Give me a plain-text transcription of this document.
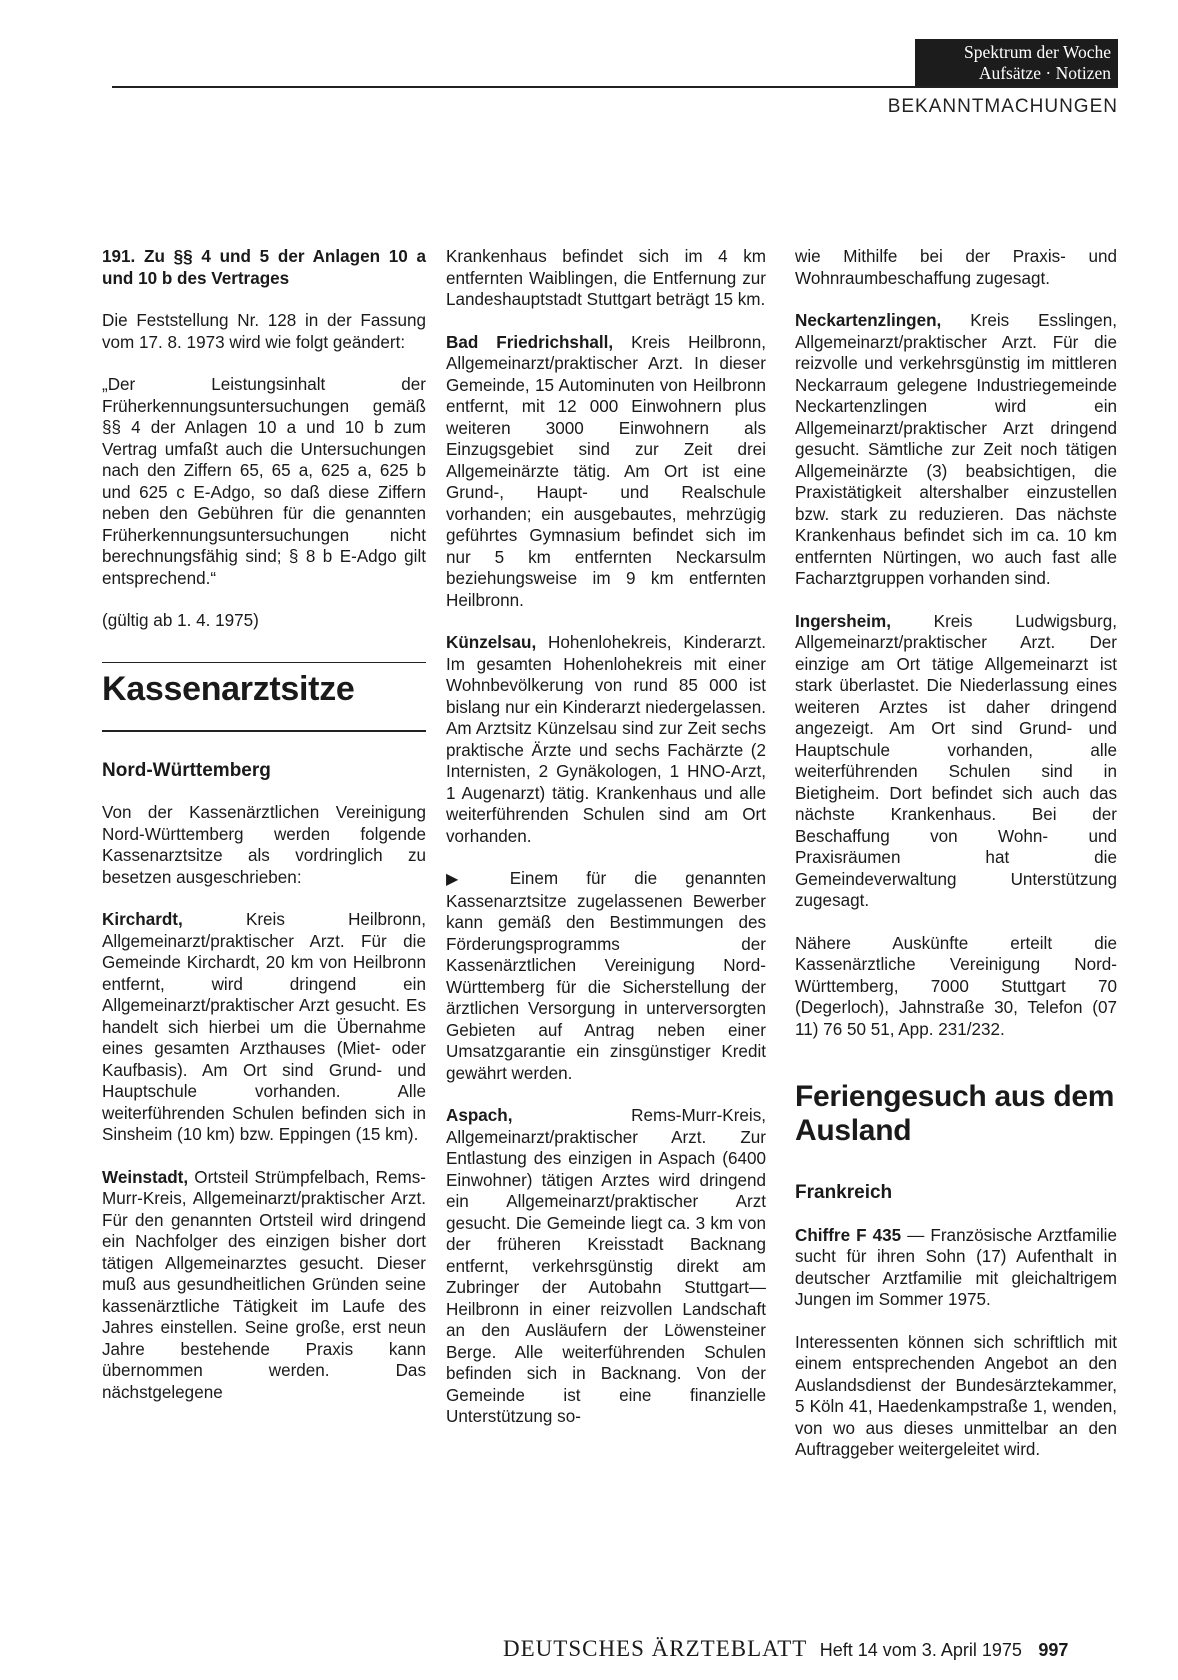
Spektrum der Woche
Aufsätze · Notizen
BEKANNTMACHUNGEN

191. Zu §§ 4 und 5 der Anlagen 10 a und 10 b des Vertrages

Die Feststellung Nr. 128 in der Fassung vom 17. 8. 1973 wird wie folgt geändert:

„Der Leistungsinhalt der Früherkennungsuntersuchungen gemäß §§ 4 der Anlagen 10 a und 10 b zum Vertrag umfaßt auch die Untersuchungen nach den Ziffern 65, 65 a, 625 a, 625 b und 625 c E-Adgo, so daß diese Ziffern neben den Gebühren für die genannten Früherkennungsuntersuchungen nicht berechnungsfähig sind; § 8 b E-Adgo gilt entsprechend.“

(gültig ab 1. 4. 1975)

Kassenarztsitze

Nord-Württemberg

Von der Kassenärztlichen Vereinigung Nord-Württemberg werden folgende Kassenarztsitze als vordringlich zu besetzen ausgeschrieben:

Kirchardt, Kreis Heilbronn, Allgemeinarzt/praktischer Arzt. Für die Gemeinde Kirchardt, 20 km von Heilbronn entfernt, wird dringend ein Allgemeinarzt/praktischer Arzt gesucht. Es handelt sich hierbei um die Übernahme eines gesamten Arzthauses (Miet- oder Kaufbasis). Am Ort sind Grund- und Hauptschule vorhanden. Alle weiterführenden Schulen befinden sich in Sinsheim (10 km) bzw. Eppingen (15 km).

Weinstadt, Ortsteil Strümpfelbach, Rems-Murr-Kreis, Allgemeinarzt/praktischer Arzt. Für den genannten Ortsteil wird dringend ein Nachfolger des einzigen bisher dort tätigen Allgemeinarztes gesucht. Dieser muß aus gesundheitlichen Gründen seine kassenärztliche Tätigkeit im Laufe des Jahres einstellen. Seine große, erst neun Jahre bestehende Praxis kann übernommen werden. Das nächstgelegene

Krankenhaus befindet sich im 4 km entfernten Waiblingen, die Entfernung zur Landeshauptstadt Stuttgart beträgt 15 km.

Bad Friedrichshall, Kreis Heilbronn, Allgemeinarzt/praktischer Arzt. In dieser Gemeinde, 15 Autominuten von Heilbronn entfernt, mit 12 000 Einwohnern plus weiteren 3000 Einwohnern als Einzugsgebiet sind zur Zeit drei Allgemeinärzte tätig. Am Ort ist eine Grund-, Haupt- und Realschule vorhanden; ein ausgebautes, mehrzügig geführtes Gymnasium befindet sich im nur 5 km entfernten Neckarsulm beziehungsweise im 9 km entfernten Heilbronn.

Künzelsau, Hohenlohekreis, Kinderarzt. Im gesamten Hohenlohekreis mit einer Wohnbevölkerung von rund 85 000 ist bislang nur ein Kinderarzt niedergelassen. Am Arztsitz Künzelsau sind zur Zeit sechs praktische Ärzte und sechs Fachärzte (2 Internisten, 2 Gynäkologen, 1 HNO-Arzt, 1 Augenarzt) tätig. Krankenhaus und alle weiterführenden Schulen sind am Ort vorhanden.

▶ Einem für die genannten Kassenarztsitze zugelassenen Bewerber kann gemäß den Bestimmungen des Förderungsprogramms der Kassenärztlichen Vereinigung Nord-Württemberg für die Sicherstellung der ärztlichen Versorgung in unterversorgten Gebieten auf Antrag neben einer Umsatzgarantie ein zinsgünstiger Kredit gewährt werden.

Aspach, Rems-Murr-Kreis, Allgemeinarzt/praktischer Arzt. Zur Entlastung des einzigen in Aspach (6400 Einwohner) tätigen Arztes wird dringend ein Allgemeinarzt/praktischer Arzt gesucht. Die Gemeinde liegt ca. 3 km von der früheren Kreisstadt Backnang entfernt, verkehrsgünstig direkt am Zubringer der Autobahn Stuttgart—Heilbronn in einer reizvollen Landschaft an den Ausläufern der Löwensteiner Berge. Alle weiterführenden Schulen befinden sich in Backnang. Von der Gemeinde ist eine finanzielle Unterstützung so-

wie Mithilfe bei der Praxis- und Wohnraumbeschaffung zugesagt.

Neckartenzlingen, Kreis Esslingen, Allgemeinarzt/praktischer Arzt. Für die reizvolle und verkehrsgünstig im mittleren Neckarraum gelegene Industriegemeinde Neckartenzlingen wird ein Allgemeinarzt/praktischer Arzt dringend gesucht. Sämtliche zur Zeit noch tätigen Allgemeinärzte (3) beabsichtigen, die Praxistätigkeit altershalber einzustellen bzw. stark zu reduzieren. Das nächste Krankenhaus befindet sich im ca. 10 km entfernten Nürtingen, wo auch fast alle Facharztgruppen vorhanden sind.

Ingersheim, Kreis Ludwigsburg, Allgemeinarzt/praktischer Arzt. Der einzige am Ort tätige Allgemeinarzt ist stark überlastet. Die Niederlassung eines weiteren Arztes ist daher dringend angezeigt. Am Ort sind Grund- und Hauptschule vorhanden, alle weiterführenden Schulen sind in Bietigheim. Dort befindet sich auch das nächste Krankenhaus. Bei der Beschaffung von Wohn- und Praxisräumen hat die Gemeindeverwaltung Unterstützung zugesagt.

Nähere Auskünfte erteilt die Kassenärztliche Vereinigung Nord-Württemberg, 7000 Stuttgart 70 (Degerloch), Jahnstraße 30, Telefon (07 11) 76 50 51, App. 231/232.

Feriengesuch aus dem Ausland

Frankreich

Chiffre F 435 — Französische Arztfamilie sucht für ihren Sohn (17) Aufenthalt in deutscher Arztfamilie mit gleichaltrigem Jungen im Sommer 1975.

Interessenten können sich schriftlich mit einem entsprechenden Angebot an den Auslandsdienst der Bundesärztekammer, 5 Köln 41, Haedenkampstraße 1, wenden, von wo aus dieses unmittelbar an den Auftraggeber weitergeleitet wird.

DEUTSCHES ÄRZTEBLATT Heft 14 vom 3. April 1975 997
